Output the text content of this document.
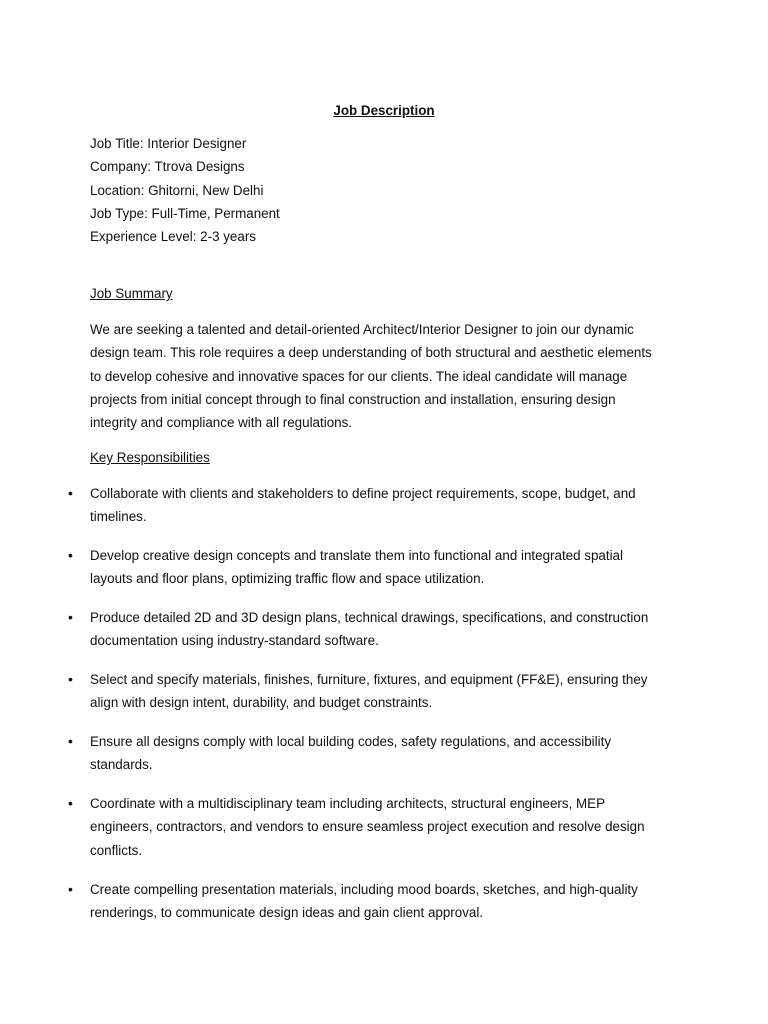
Job Description
Job Title: Interior Designer
Company: Ttrova Designs
Location: Ghitorni, New Delhi
Job Type: Full-Time, Permanent
Experience Level: 2-3 years
Job Summary

We are seeking a talented and detail-oriented Architect/Interior Designer to join our dynamic
design team. This role requires a deep understanding of both structural and aesthetic elements
to develop cohesive and innovative spaces for our clients. The ideal candidate will manage
projects from initial concept through to final construction and installation, ensuring design
integrity and compliance with all regulations.

Key Responsibilities
• Collaborate with clients and stakeholders to define project requirements, scope, budget, and
timelines.
• Develop creative design concepts and translate them into functional and integrated spatial
layouts and floor plans, optimizing traffic flow and space utilization.
• Produce detailed 2D and 3D design plans, technical drawings, specifications, and construction
documentation using industry-standard software.
• Select and specify materials, finishes, furniture, fixtures, and equipment (FF&E), ensuring they
align with design intent, durability, and budget constraints.
• Ensure all designs comply with local building codes, safety regulations, and accessibility
standards.
• Coordinate with a multidisciplinary team including architects, structural engineers, MEP
engineers, contractors, and vendors to ensure seamless project execution and resolve design
conflicts.
• Create compelling presentation materials, including mood boards, sketches, and high-quality
renderings, to communicate design ideas and gain client approval.
